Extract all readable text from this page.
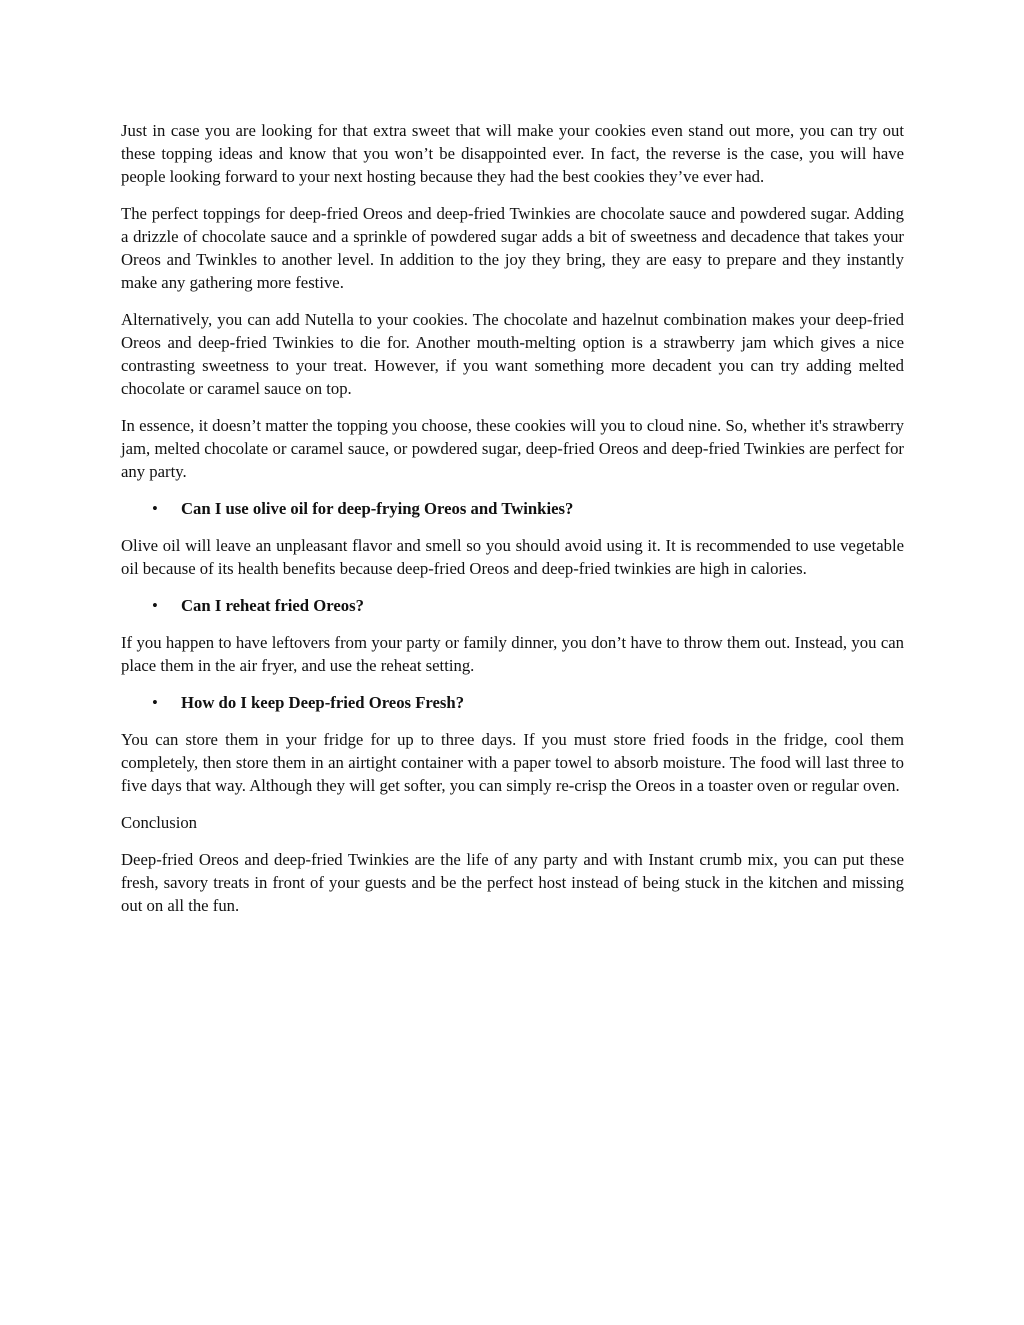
Just in case you are looking for that extra sweet that will make your cookies even stand out more, you can try out these topping ideas and know that you won’t be disappointed ever. In fact, the reverse is the case, you will have people looking forward to your next hosting because they had the best cookies they’ve ever had.

The perfect toppings for deep-fried Oreos and deep-fried Twinkies are chocolate sauce and powdered sugar. Adding a drizzle of chocolate sauce and a sprinkle of powdered sugar adds a bit of sweetness and decadence that takes your Oreos and Twinkles to another level. In addition to the joy they bring, they are easy to prepare and they instantly make any gathering more festive.

Alternatively, you can add Nutella to your cookies. The chocolate and hazelnut combination makes your deep-fried Oreos and deep-fried Twinkies to die for. Another mouth-melting option is a strawberry jam which gives a nice contrasting sweetness to your treat. However, if you want something more decadent you can try adding melted chocolate or caramel sauce on top.

In essence, it doesn’t matter the topping you choose, these cookies will you to cloud nine. So, whether it's strawberry jam, melted chocolate or caramel sauce, or powdered sugar, deep-fried Oreos and deep-fried Twinkies are perfect for any party.

• Can I use olive oil for deep-frying Oreos and Twinkies?

Olive oil will leave an unpleasant flavor and smell so you should avoid using it. It is recommended to use vegetable oil because of its health benefits because deep-fried Oreos and deep-fried twinkies are high in calories.

• Can I reheat fried Oreos?

If you happen to have leftovers from your party or family dinner, you don’t have to throw them out. Instead, you can place them in the air fryer, and use the reheat setting.

• How do I keep Deep-fried Oreos Fresh?

You can store them in your fridge for up to three days. If you must store fried foods in the fridge, cool them completely, then store them in an airtight container with a paper towel to absorb moisture. The food will last three to five days that way. Although they will get softer, you can simply re-crisp the Oreos in a toaster oven or regular oven.

Conclusion

Deep-fried Oreos and deep-fried Twinkies are the life of any party and with Instant crumb mix, you can put these fresh, savory treats in front of your guests and be the perfect host instead of being stuck in the kitchen and missing out on all the fun.
